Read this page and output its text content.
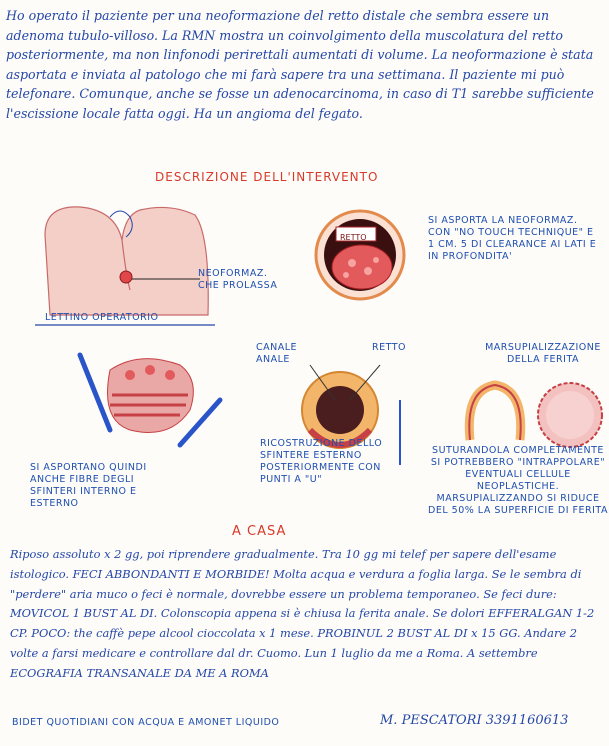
Ho operato il paziente per una neoformazione del retto distale che sembra essere un adenoma tubulo-villoso. La RMN mostra un coinvolgimento della muscolatura del retto posteriormente, ma non linfonodi perirettali aumentati di volume. La neoformazione è stata asportata e inviata al patologo che mi farà sapere tra una settimana. Il paziente mi può telefonare. Comunque, anche se fosse un adenocarcinoma, in caso di T1 sarebbe sufficiente l'escissione locale fatta oggi. Ha un angioma del fegato.

DESCRIZIONE DELL'INTERVENTO
NEOFORMAZ. CHE PROLASSA
LETTINO OPERATORIO
RETTO
SI ASPORTA LA NEOFORMAZ. CON "NO TOUCH TECHNIQUE" E 1 CM. 5 DI CLEARANCE AI LATI E IN PROFONDITA'
SI ASPORTANO QUINDI ANCHE FIBRE DEGLI SFINTERI INTERNO E ESTERNO
CANALE ANALE
RETTO
RICOSTRUZIONE DELLO SFINTERE ESTERNO POSTERIORMENTE CON PUNTI A "U"
MARSUPIALIZZAZIONE DELLA FERITA
SUTURANDOLA COMPLETAMENTE SI POTREBBERO "INTRAPPOLARE" EVENTUALI CELLULE NEOPLASTICHE. MARSUPIALIZZANDO SI RIDUCE DEL 50% LA SUPERFICIE DI FERITA
A CASA

Riposo assoluto x 2 gg, poi riprendere gradualmente. Tra 10 gg mi telef per sapere dell'esame istologico. FECI ABBONDANTI E MORBIDE! Molta acqua e verdura a foglia larga. Se le sembra di "perdere" aria muco o feci è normale, dovrebbe essere un problema temporaneo. Se feci dure: MOVICOL 1 BUST AL DI. Colonscopia appena si è chiusa la ferita anale. Se dolori EFFERALGAN 1-2 CP. POCO: the caffè pepe alcool cioccolata x 1 mese. PROBINUL 2 BUST AL DI x 15 GG. Andare 2 volte a farsi medicare e controllare dal dr. Cuomo. Lun 1 luglio da me a Roma. A settembre ECOGRAFIA TRANSANALE DA ME A ROMA

BIDET QUOTIDIANI CON ACQUA E AMONET LIQUIDO	M. PESCATORI 3391160613
